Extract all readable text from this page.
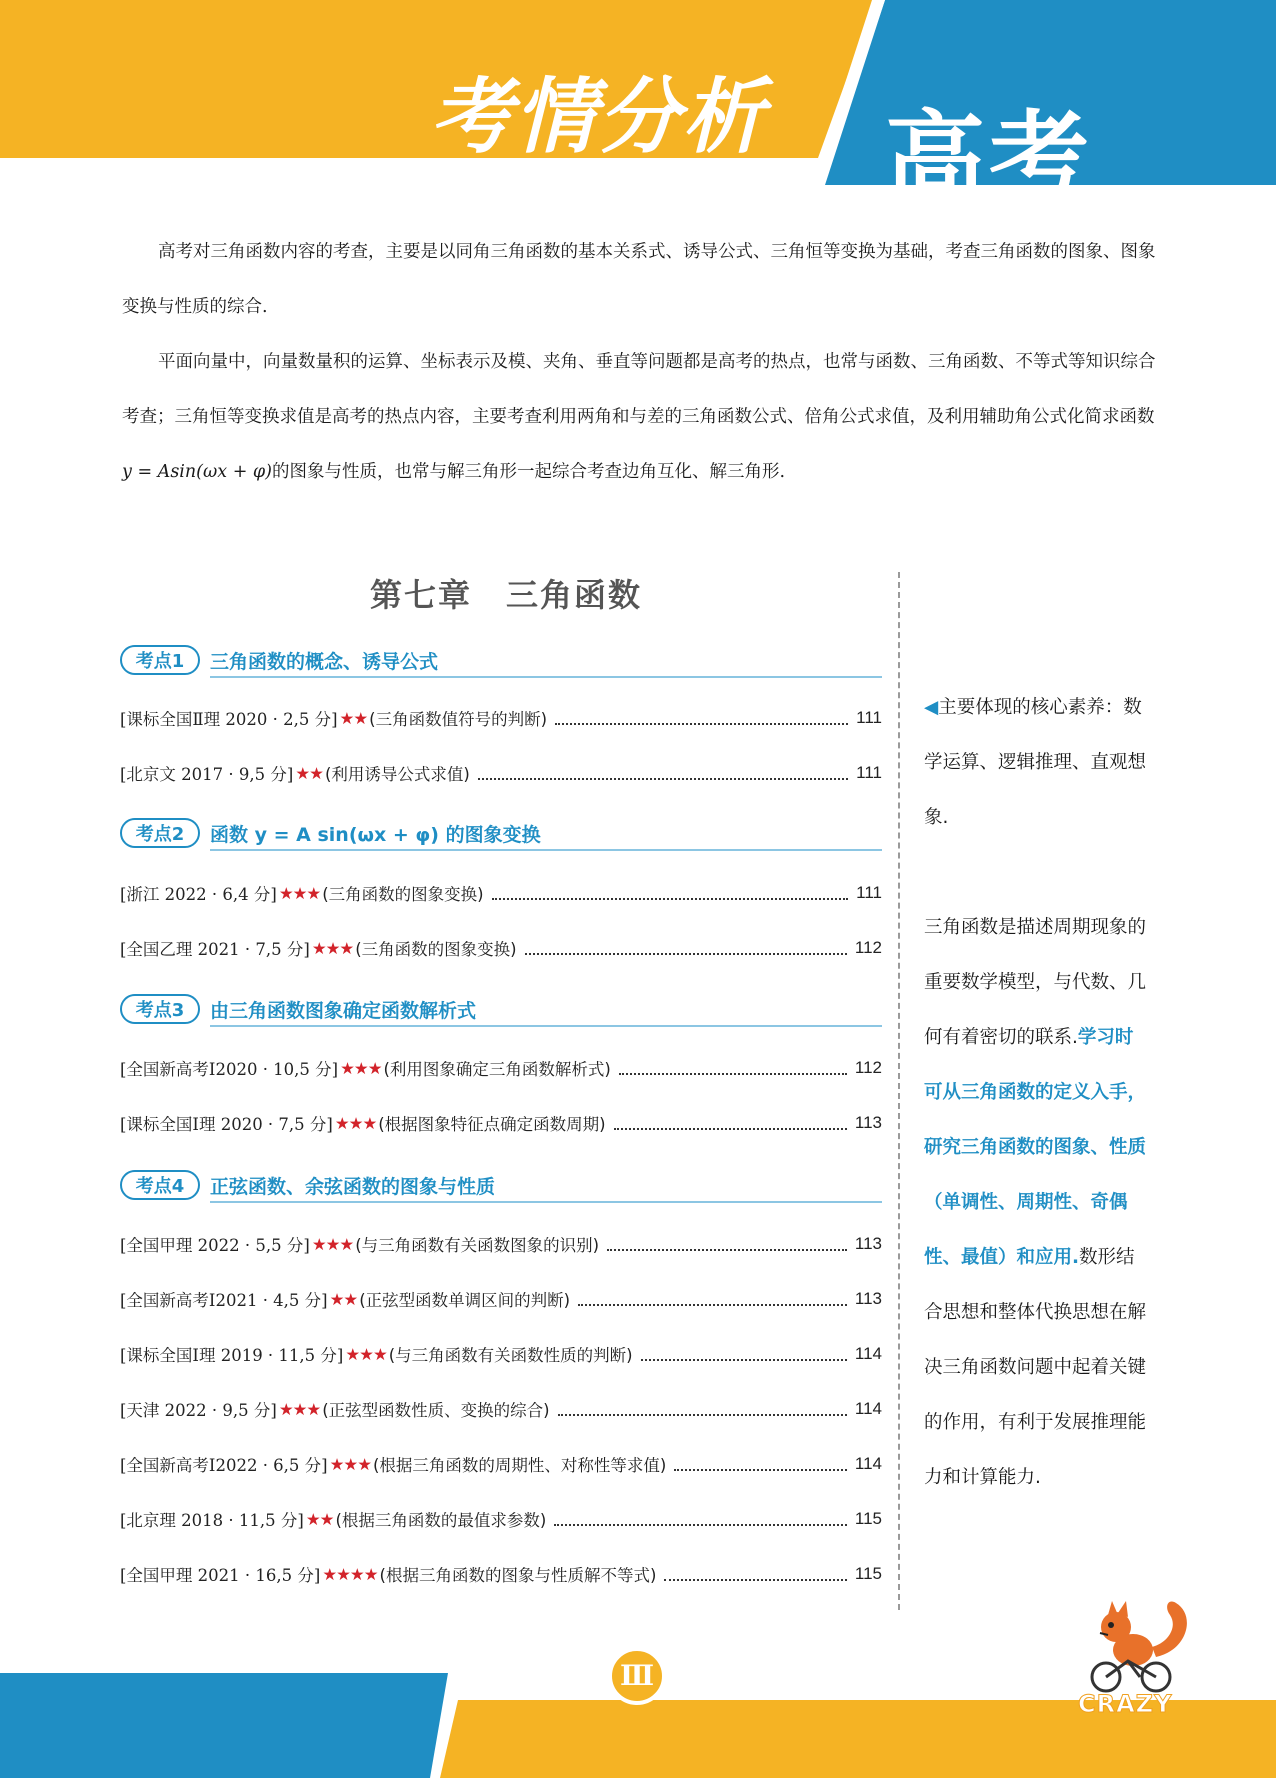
考情分析 高考

高考对三角函数内容的考查，主要是以同角三角函数的基本关系式、诱导公式、三角恒等变换为基础，考查三角函数的图象、图象变换与性质的综合.

平面向量中，向量数量积的运算、坐标表示及模、夹角、垂直等问题都是高考的热点，也常与函数、三角函数、不等式等知识综合考查；三角恒等变换求值是高考的热点内容，主要考查利用两角和与差的三角函数公式、倍角公式求值，及利用辅助角公式化简求函数y = Asin(ωx + φ)的图象与性质，也常与解三角形一起综合考查边角互化、解三角形.

第七章　三角函数
考点1	三角函数的概念、诱导公式
[课标全国Ⅱ理 2020 · 2,5 分] ★★ (三角函数值符号的判断)	111
[北京文 2017 · 9,5 分] ★★ (利用诱导公式求值)	111
考点2	函数 y = A sin(ωx + φ) 的图象变换
[浙江 2022 · 6,4 分] ★★★ (三角函数的图象变换)	111
[全国乙理 2021 · 7,5 分] ★★★ (三角函数的图象变换)	112
考点3	由三角函数图象确定函数解析式
[全国新高考Ⅰ2020 · 10,5 分] ★★★ (利用图象确定三角函数解析式)	112
[课标全国Ⅰ理 2020 · 7,5 分] ★★★ (根据图象特征点确定函数周期)	113
考点4	正弦函数、余弦函数的图象与性质
[全国甲理 2022 · 5,5 分] ★★★ (与三角函数有关函数图象的识别)	113
[全国新高考Ⅰ2021 · 4,5 分] ★★ (正弦型函数单调区间的判断)	113
[课标全国Ⅰ理 2019 · 11,5 分] ★★★ (与三角函数有关函数性质的判断)	114
[天津 2022 · 9,5 分] ★★★ (正弦型函数性质、变换的综合)	114
[全国新高考Ⅰ2022 · 6,5 分] ★★★ (根据三角函数的周期性、对称性等求值)	114
[北京理 2018 · 11,5 分] ★★ (根据三角函数的最值求参数)	115
[全国甲理 2021 · 16,5 分] ★★★★ (根据三角函数的图象与性质解不等式)	115
◀主要体现的核心素养：数学运算、逻辑推理、直观想象.
三角函数是描述周期现象的重要数学模型，与代数、几何有着密切的联系.学习时可从三角函数的定义入手，研究三角函数的图象、性质（单调性、周期性、奇偶性、最值）和应用.数形结合思想和整体代换思想在解决三角函数问题中起着关键的作用，有利于发展推理能力和计算能力.
Ⅲ
CRAZY
